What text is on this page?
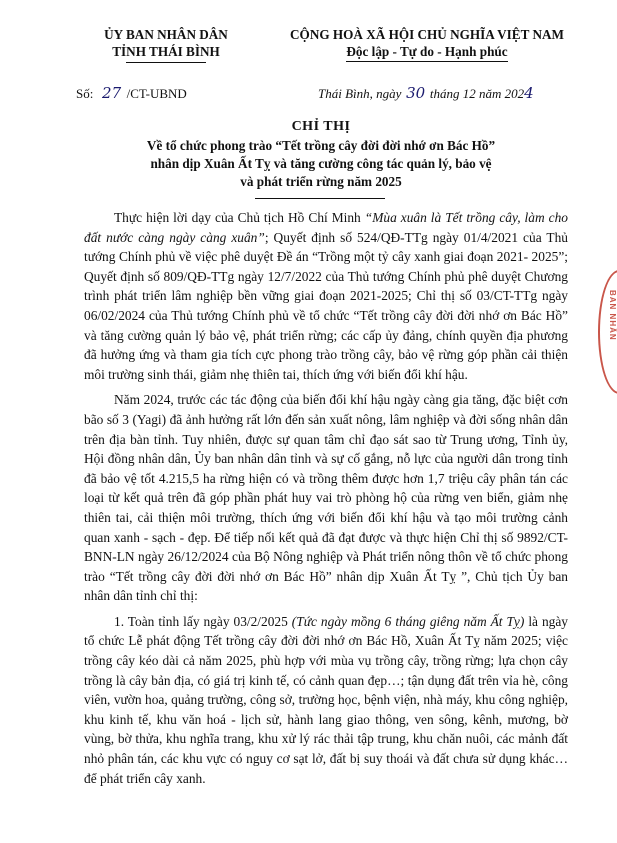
ỦY BAN NHÂN DÂN
TỈNH THÁI BÌNH
CỘNG HOÀ XÃ HỘI CHỦ NGHĨA VIỆT NAM
Độc lập - Tự do - Hạnh phúc
Số: 27 /CT-UBND	Thái Bình, ngày 30 tháng 12 năm 2024
CHỈ THỊ
Về tổ chức phong trào “Tết trồng cây đời đời nhớ ơn Bác Hồ”
nhân dịp Xuân Ất Tỵ và tăng cường công tác quản lý, bảo vệ
và phát triển rừng năm 2025

Thực hiện lời dạy của Chủ tịch Hồ Chí Minh “Mùa xuân là Tết trồng cây, làm cho đất nước càng ngày càng xuân”; Quyết định số 524/QĐ-TTg ngày 01/4/2021 của Thủ tướng Chính phủ về việc phê duyệt Đề án “Trồng một tỷ cây xanh giai đoạn 2021- 2025”; Quyết định số 809/QĐ-TTg ngày 12/7/2022 của Thủ tướng Chính phủ phê duyệt Chương trình phát triển lâm nghiệp bền vững giai đoạn 2021-2025; Chỉ thị số 03/CT-TTg ngày 06/02/2024 của Thủ tướng Chính phủ về tổ chức “Tết trồng cây đời đời nhớ ơn Bác Hồ” và tăng cường quản lý bảo vệ, phát triển rừng; các cấp ủy đảng, chính quyền địa phương đã hưởng ứng và tham gia tích cực phong trào trồng cây, bảo vệ rừng góp phần cải thiện môi trường sinh thái, giảm nhẹ thiên tai, thích ứng với biến đổi khí hậu.

Năm 2024, trước các tác động của biến đổi khí hậu ngày càng gia tăng, đặc biệt cơn bão số 3 (Yagi) đã ảnh hưởng rất lớn đến sản xuất nông, lâm nghiệp và đời sống nhân dân trên địa bàn tỉnh. Tuy nhiên, được sự quan tâm chỉ đạo sát sao từ Trung ương, Tỉnh ủy, Hội đồng nhân dân, Ủy ban nhân dân tỉnh và sự cố gắng, nỗ lực của người dân trong tỉnh đã bảo vệ tốt 4.215,5 ha rừng hiện có và trồng thêm được hơn 1,7 triệu cây phân tán các loại từ kết quả trên đã góp phần phát huy vai trò phòng hộ của rừng ven biển, giảm nhẹ thiên tai, cải thiện môi trường, thích ứng với biến đổi khí hậu và tạo môi trường cảnh quan xanh - sạch - đẹp. Để tiếp nối kết quả đã đạt được và thực hiện Chỉ thị số 9892/CT-BNN-LN ngày 26/12/2024 của Bộ Nông nghiệp và Phát triển nông thôn về tổ chức phong trào “Tết trồng cây đời đời nhớ ơn Bác Hồ” nhân dịp Xuân Ất Tỵ ”, Chủ tịch Ủy ban nhân dân tỉnh chỉ thị:

1. Toàn tỉnh lấy ngày 03/2/2025 (Tức ngày mồng 6 tháng giêng năm Ất Tỵ) là ngày tổ chức Lễ phát động Tết trồng cây đời đời nhớ ơn Bác Hồ, Xuân Ất Tỵ năm 2025; việc trồng cây kéo dài cả năm 2025, phù hợp với mùa vụ trồng cây, trồng rừng; lựa chọn cây trồng là cây bản địa, có giá trị kinh tế, có cảnh quan đẹp…; tận dụng đất trên vỉa hè, công viên, vườn hoa, quảng trường, công sở, trường học, bệnh viện, nhà máy, khu công nghiệp, khu kinh tế, khu văn hoá - lịch sử, hành lang giao thông, ven sông, kênh, mương, bờ vùng, bờ thửa, khu nghĩa trang, khu xử lý rác thải tập trung, khu chăn nuôi, các mảnh đất nhỏ phân tán, các khu vực có nguy cơ sạt lở, đất bị suy thoái và đất chưa sử dụng khác… để phát triển cây xanh.

BAN NHÂN
